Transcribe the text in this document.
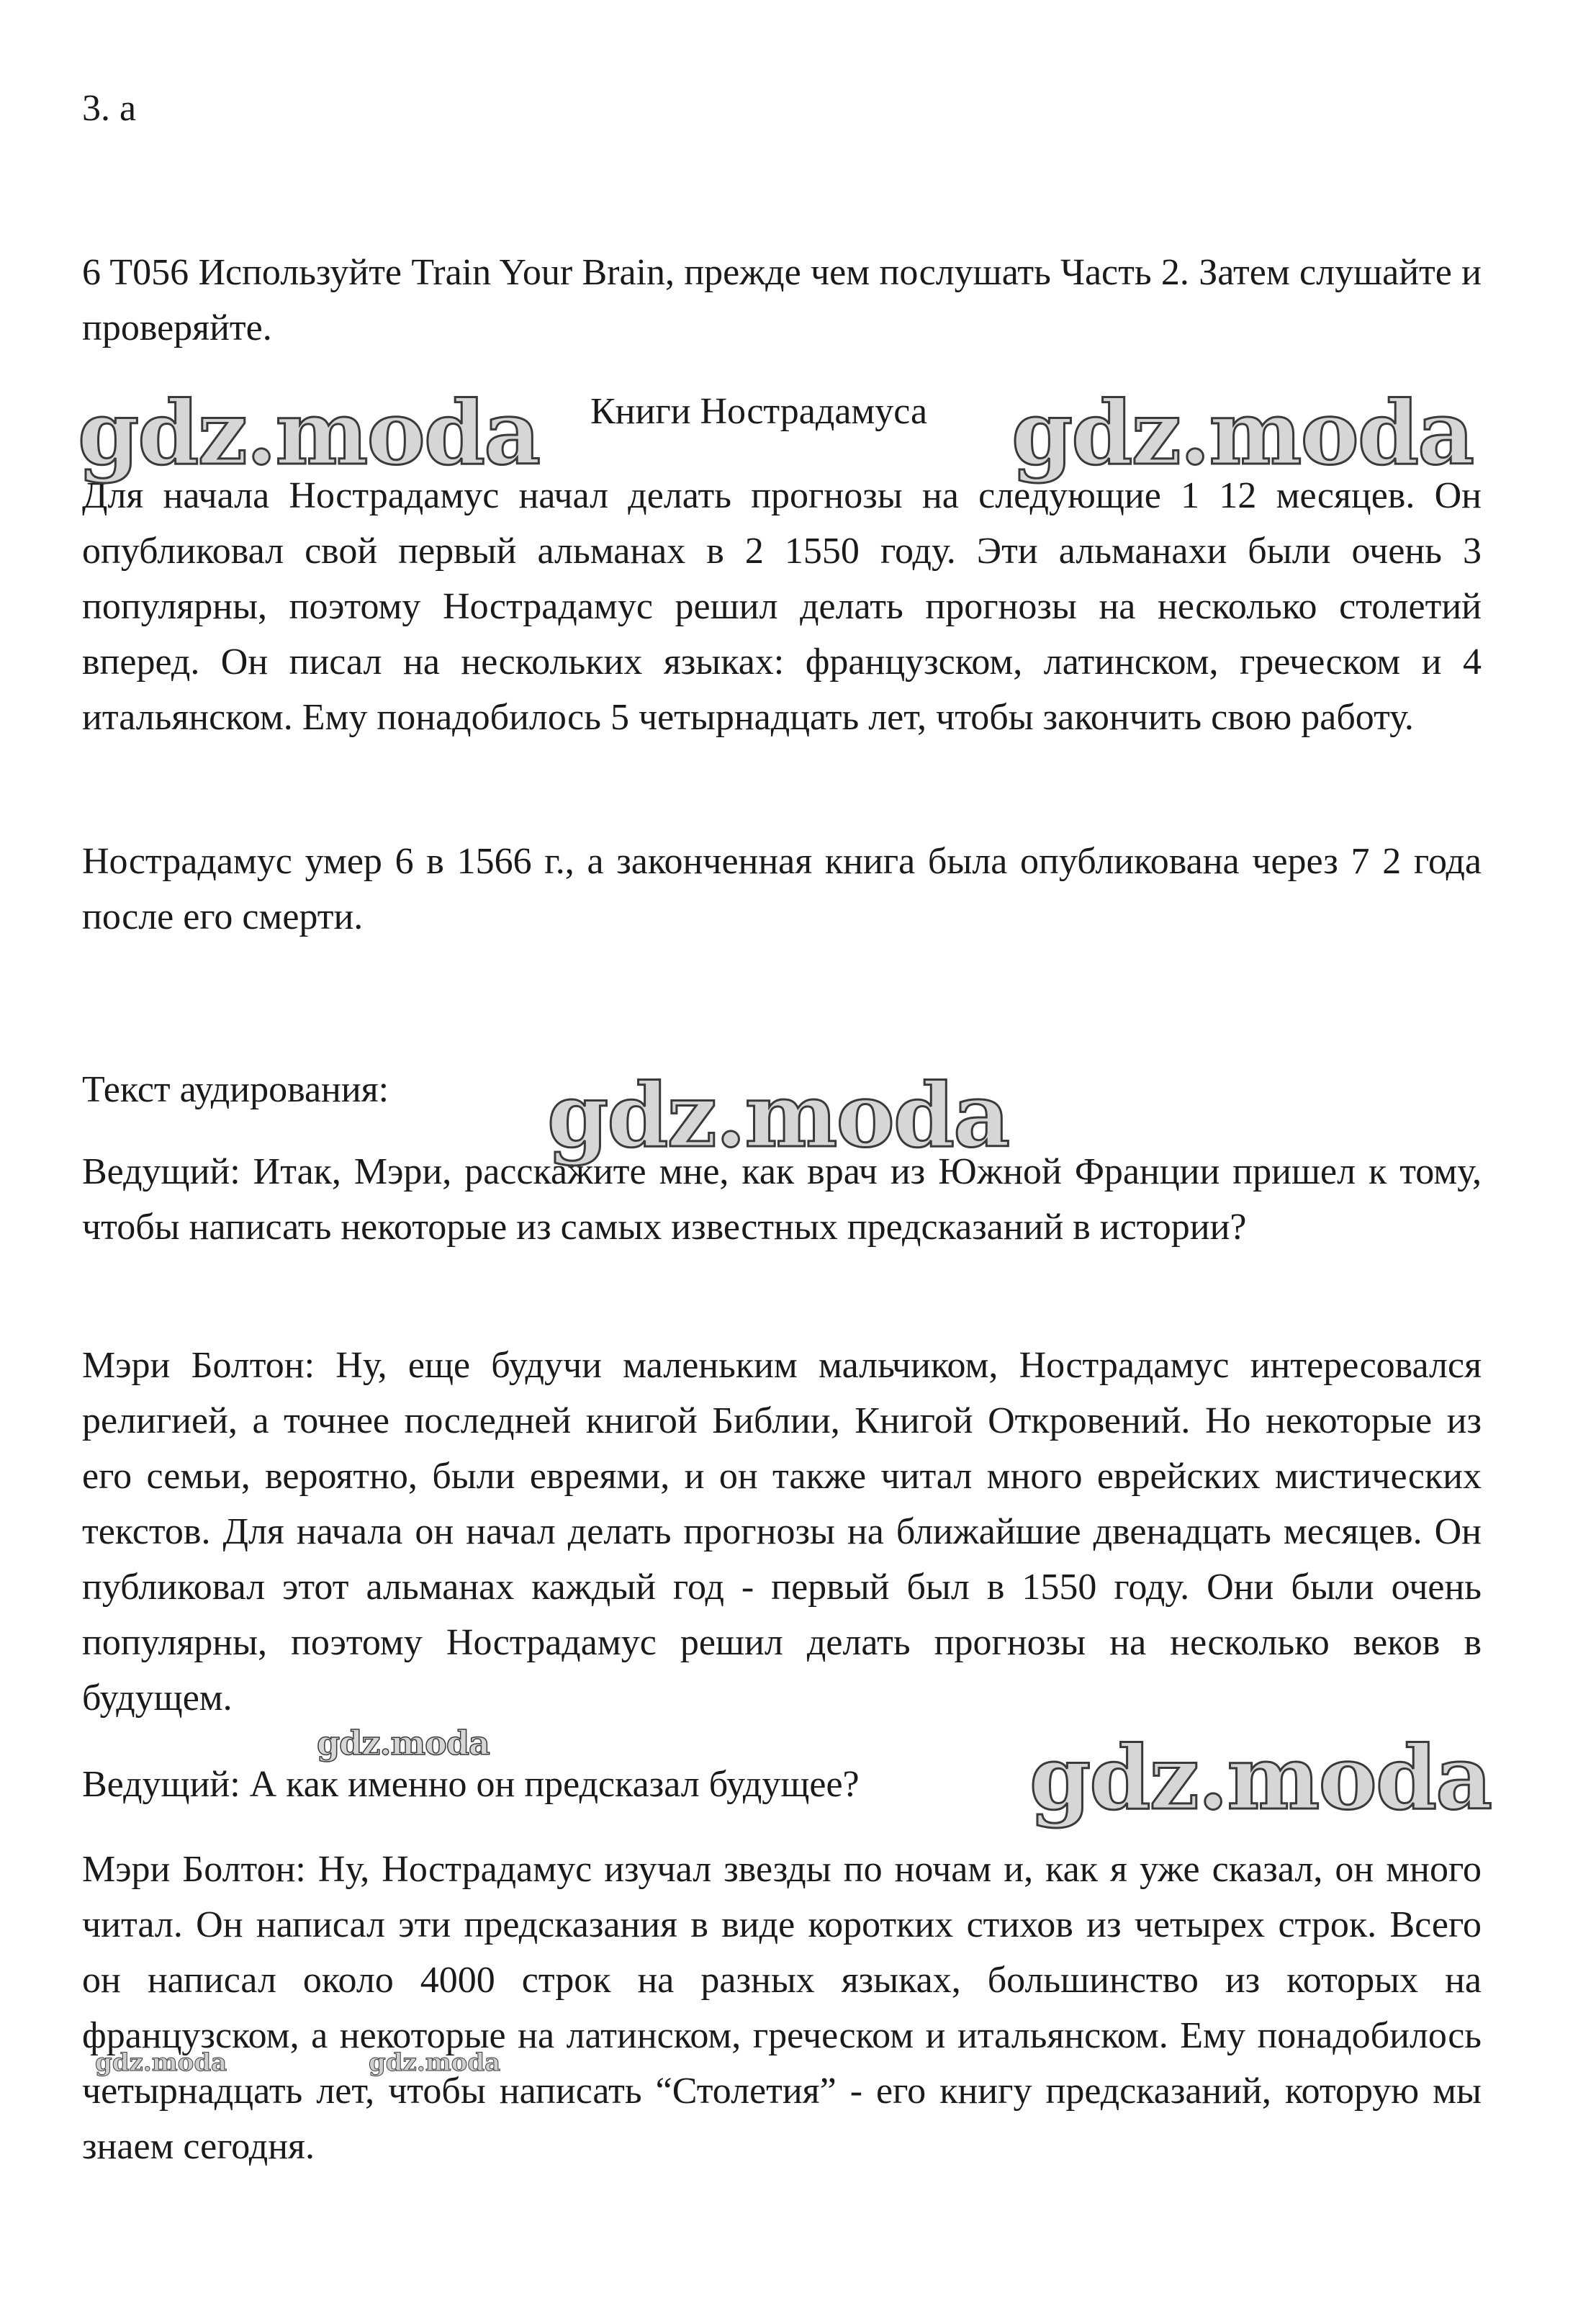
3. a

6 T056 Используйте Train Your Brain, прежде чем послушать Часть 2. Затем слушайте и проверяйте.

Книги Нострадамуса

Для начала Нострадамус начал делать прогнозы на следующие 1 12 месяцев. Он опубликовал свой первый альманах в 2 1550 году. Эти альманахи были очень 3 популярны, поэтому Нострадамус решил делать прогнозы на несколько столетий вперед. Он писал на нескольких языках: французском, латинском, греческом и 4 итальянском. Ему понадобилось 5 четырнадцать лет, чтобы закончить свою работу.

Нострадамус умер 6 в 1566 г., а законченная книга была опубликована через 7 2 года после его смерти.

Текст аудирования:

Ведущий: Итак, Мэри, расскажите мне, как врач из Южной Франции пришел к тому, чтобы написать некоторые из самых известных предсказаний в истории?

Мэри Болтон: Ну, еще будучи маленьким мальчиком, Нострадамус интересовался религией, а точнее последней книгой Библии, Книгой Откровений. Но некоторые из его семьи, вероятно, были евреями, и он также читал много еврейских мистических текстов. Для начала он начал делать прогнозы на ближайшие двенадцать месяцев. Он публиковал этот альманах каждый год - первый был в 1550 году. Они были очень популярны, поэтому Нострадамус решил делать прогнозы на несколько веков в будущем.

Ведущий: А как именно он предсказал будущее?

Мэри Болтон: Ну, Нострадамус изучал звезды по ночам и, как я уже сказал, он много читал. Он написал эти предсказания в виде коротких стихов из четырех строк. Всего он написал около 4000 строк на разных языках, большинство из которых на французском, а некоторые на латинском, греческом и итальянском. Ему понадобилось четырнадцать лет, чтобы написать “Столетия” - его книгу предсказаний, которую мы знаем сегодня.

gdz.moda	gdz.moda
gdz.moda
gdz.moda
gdz.moda
gdz.moda	gdz.moda
